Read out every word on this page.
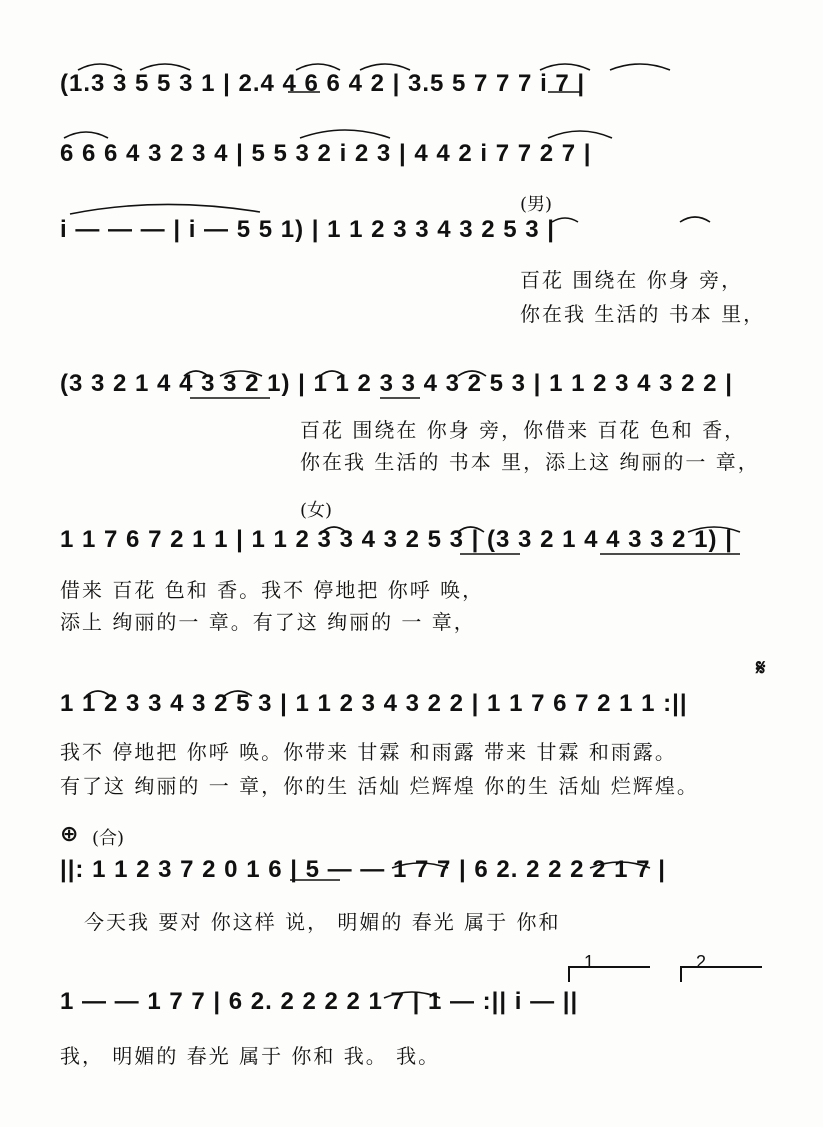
(1.3 3 5 5 3 1 | 2.4 4 6 6 4 2 | 3.5 5 7 7 7 i 7 |
6 6 6 4 3 2 3 4 | 5 5 3 2 i 2 3 | 4 4 2 i 7 7 2 7 |
(男)
i — — — | i — 5 5 1) | 1 1 2 3 3 4 3 2 5 3 |
百花 围绕在 你身 旁，
你在我 生活的 书本 里，
(3 3 2 1 4 4 3 3 2 1) | 1 1 2 3 3 4 3 2 5 3 | 1 1 2 3 4 3 2 2 |
百花 围绕在 你身 旁，你借来 百花 色和 香，
你在我 生活的 书本 里，添上这 绚丽的一 章，
(女)
1 1 7 6 7 2 1 1 | 1 1 2 3 3 4 3 2 5 3 | (3 3 2 1 4 4 3 3 2 1) |
借来 百花 色和 香。我不 停地把 你呼 唤，
添上 绚丽的一 章。有了这 绚丽的 一 章，
𝄋
1 1 2 3 3 4 3 2 5 3 | 1 1 2 3 4 3 2 2 | 1 1 7 6 7 2 1 1 :||
我不 停地把 你呼 唤。你带来 甘霖 和雨露 带来 甘霖 和雨露。
有了这 绚丽的 一 章，你的生 活灿 烂辉煌 你的生 活灿 烂辉煌。
⊕ (合)
||: 1 1 2 3 7 2 0 1 6 | 5 — — 1 7 7 | 6 2. 2 2 2 2 1 7 |
今天我 要对 你这样 说， 明媚的 春光 属于 你和
1	2
1 — — 1 7 7 | 6 2. 2 2 2 2 1 7 | 1 — :|| i — ||
我， 明媚的 春光 属于 你和 我。 我。
